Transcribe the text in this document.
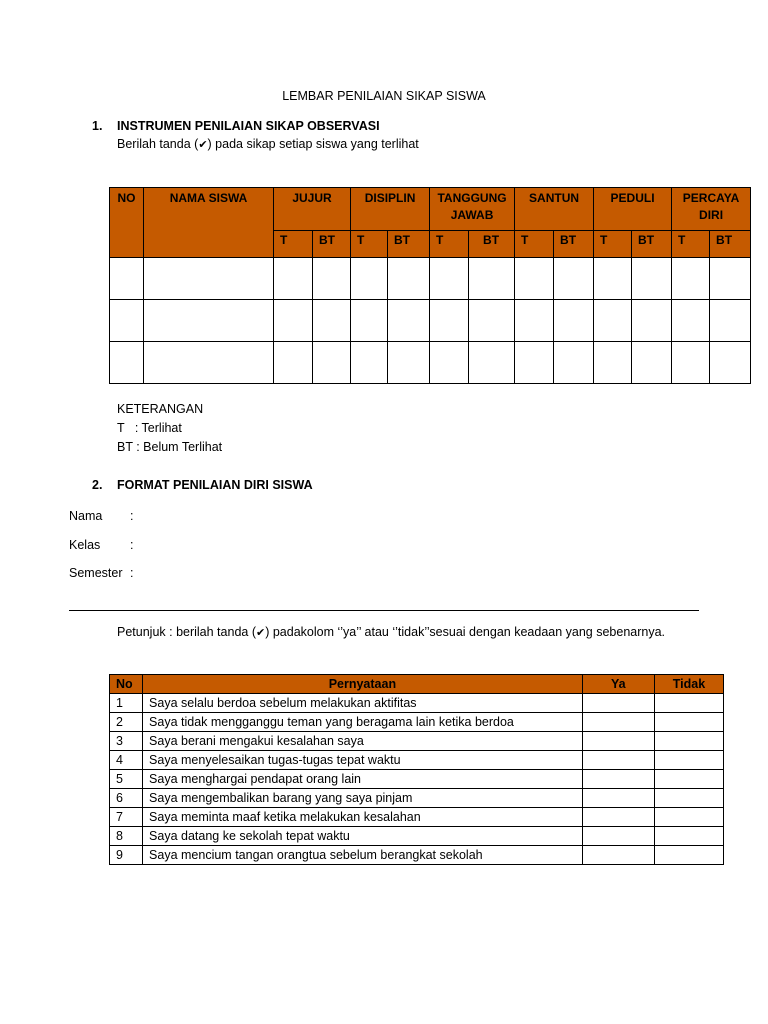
LEMBAR PENILAIAN SIKAP SISWA
1. INSTRUMEN PENILAIAN SIKAP OBSERVASI
Berilah tanda (✔) pada sikap setiap siswa yang terlihat
NO	NAMA SISWA	JUJUR		DISIPLIN		TANGGUNG JAWAB		SANTUN		PEDULI		PERCAYA DIRI	
		T	BT	T	BT	T	BT	T	BT	T	BT	T	BT

KETERANGAN
T   : Terlihat
BT : Belum Terlihat
2. FORMAT PENILAIAN DIRI SISWA
Nama :
Kelas :
Semester :
Petunjuk : berilah tanda (✔) padakolom ‘’ya’’ atau ‘’tidak’’sesuai dengan keadaan yang sebenarnya.
No	Pernyataan	Ya	Tidak
1	Saya selalu berdoa sebelum melakukan aktifitas		
2	Saya tidak mengganggu teman yang beragama lain ketika berdoa		
3	Saya berani mengakui kesalahan saya		
4	Saya menyelesaikan tugas-tugas tepat waktu		
5	Saya menghargai pendapat orang lain		
6	Saya mengembalikan barang yang saya pinjam		
7	Saya meminta maaf ketika melakukan kesalahan		
8	Saya datang ke sekolah tepat waktu		
9	Saya mencium tangan orangtua sebelum berangkat sekolah		
